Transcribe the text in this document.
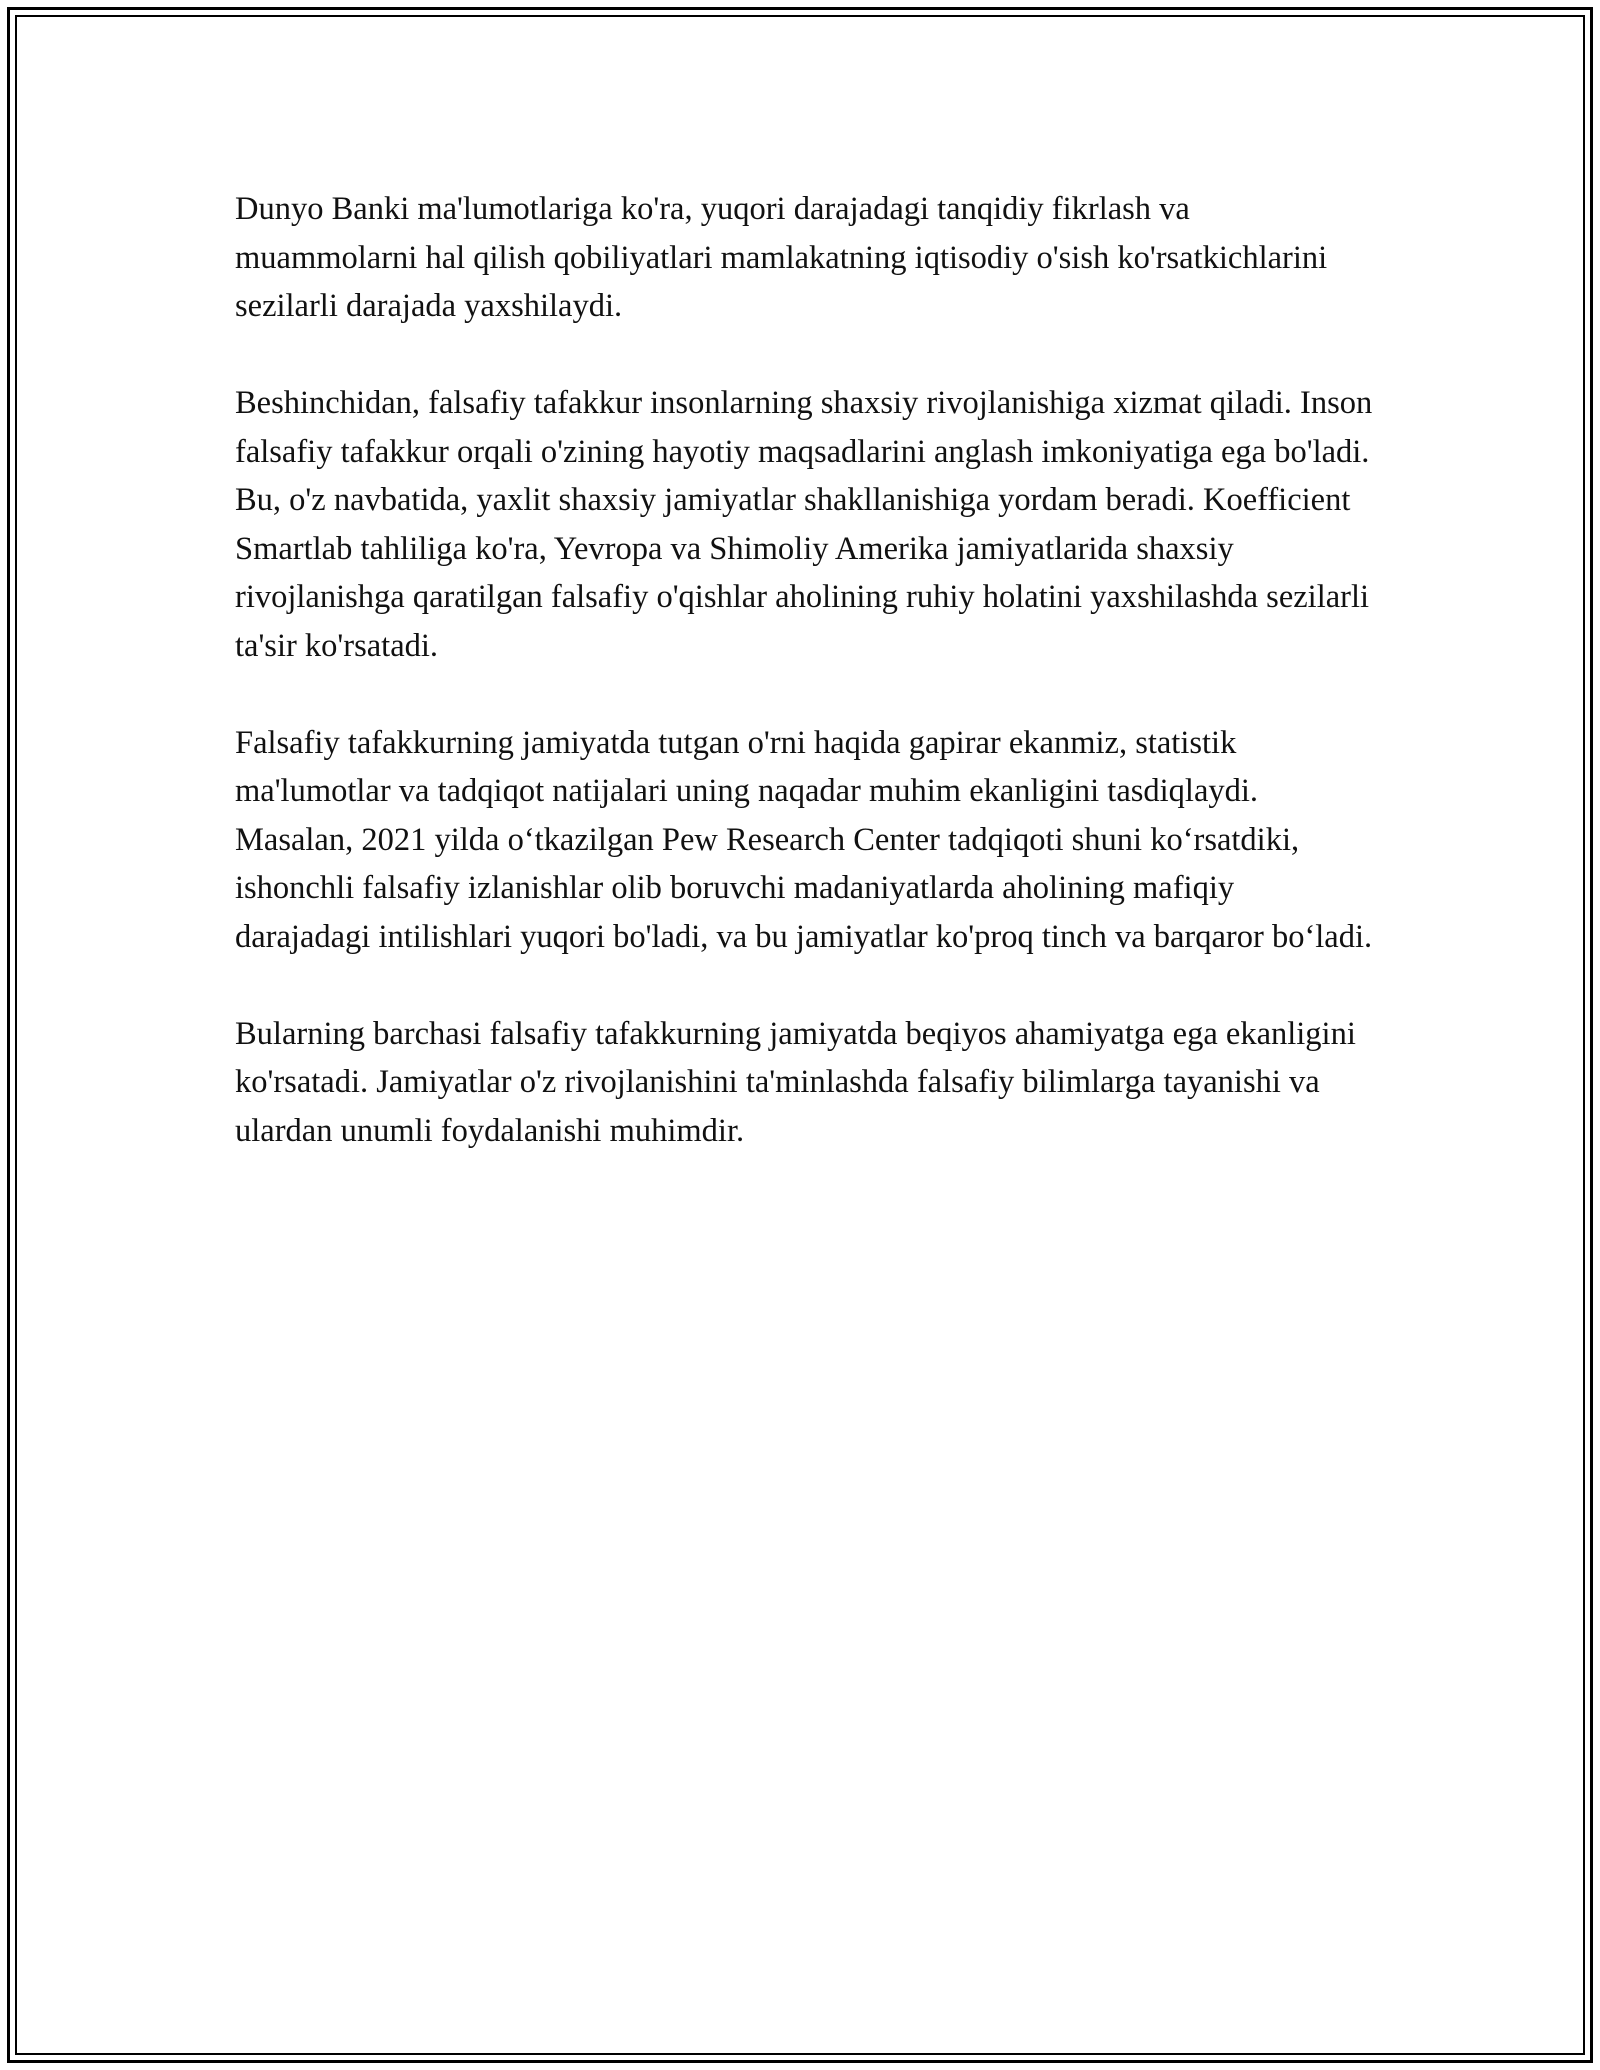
Dunyo Banki ma'lumotlariga ko'ra, yuqori darajadagi tanqidiy fikrlash va muammolarni hal qilish qobiliyatlari mamlakatning iqtisodiy o'sish ko'rsatkichlarini sezilarli darajada yaxshilaydi.

Beshinchidan, falsafiy tafakkur insonlarning shaxsiy rivojlanishiga xizmat qiladi. Inson falsafiy tafakkur orqali o'zining hayotiy maqsadlarini anglash imkoniyatiga ega bo'ladi. Bu, o'z navbatida, yaxlit shaxsiy jamiyatlar shakllanishiga yordam beradi. Koefficient Smartlab tahliliga ko'ra, Yevropa va Shimoliy Amerika jamiyatlarida shaxsiy rivojlanishga qaratilgan falsafiy o'qishlar aholining ruhiy holatini yaxshilashda sezilarli ta'sir ko'rsatadi.

Falsafiy tafakkurning jamiyatda tutgan o'rni haqida gapirar ekanmiz, statistik ma'lumotlar va tadqiqot natijalari uning naqadar muhim ekanligini tasdiqlaydi. Masalan, 2021 yilda o‘tkazilgan Pew Research Center tadqiqoti shuni ko‘rsatdiki, ishonchli falsafiy izlanishlar olib boruvchi madaniyatlarda aholining mafiqiy darajadagi intilishlari yuqori bo'ladi, va bu jamiyatlar ko'proq tinch va barqaror bo‘ladi.

Bularning barchasi falsafiy tafakkurning jamiyatda beqiyos ahamiyatga ega ekanligini ko'rsatadi. Jamiyatlar o'z rivojlanishini ta'minlashda falsafiy bilimlarga tayanishi va ulardan unumli foydalanishi muhimdir.
